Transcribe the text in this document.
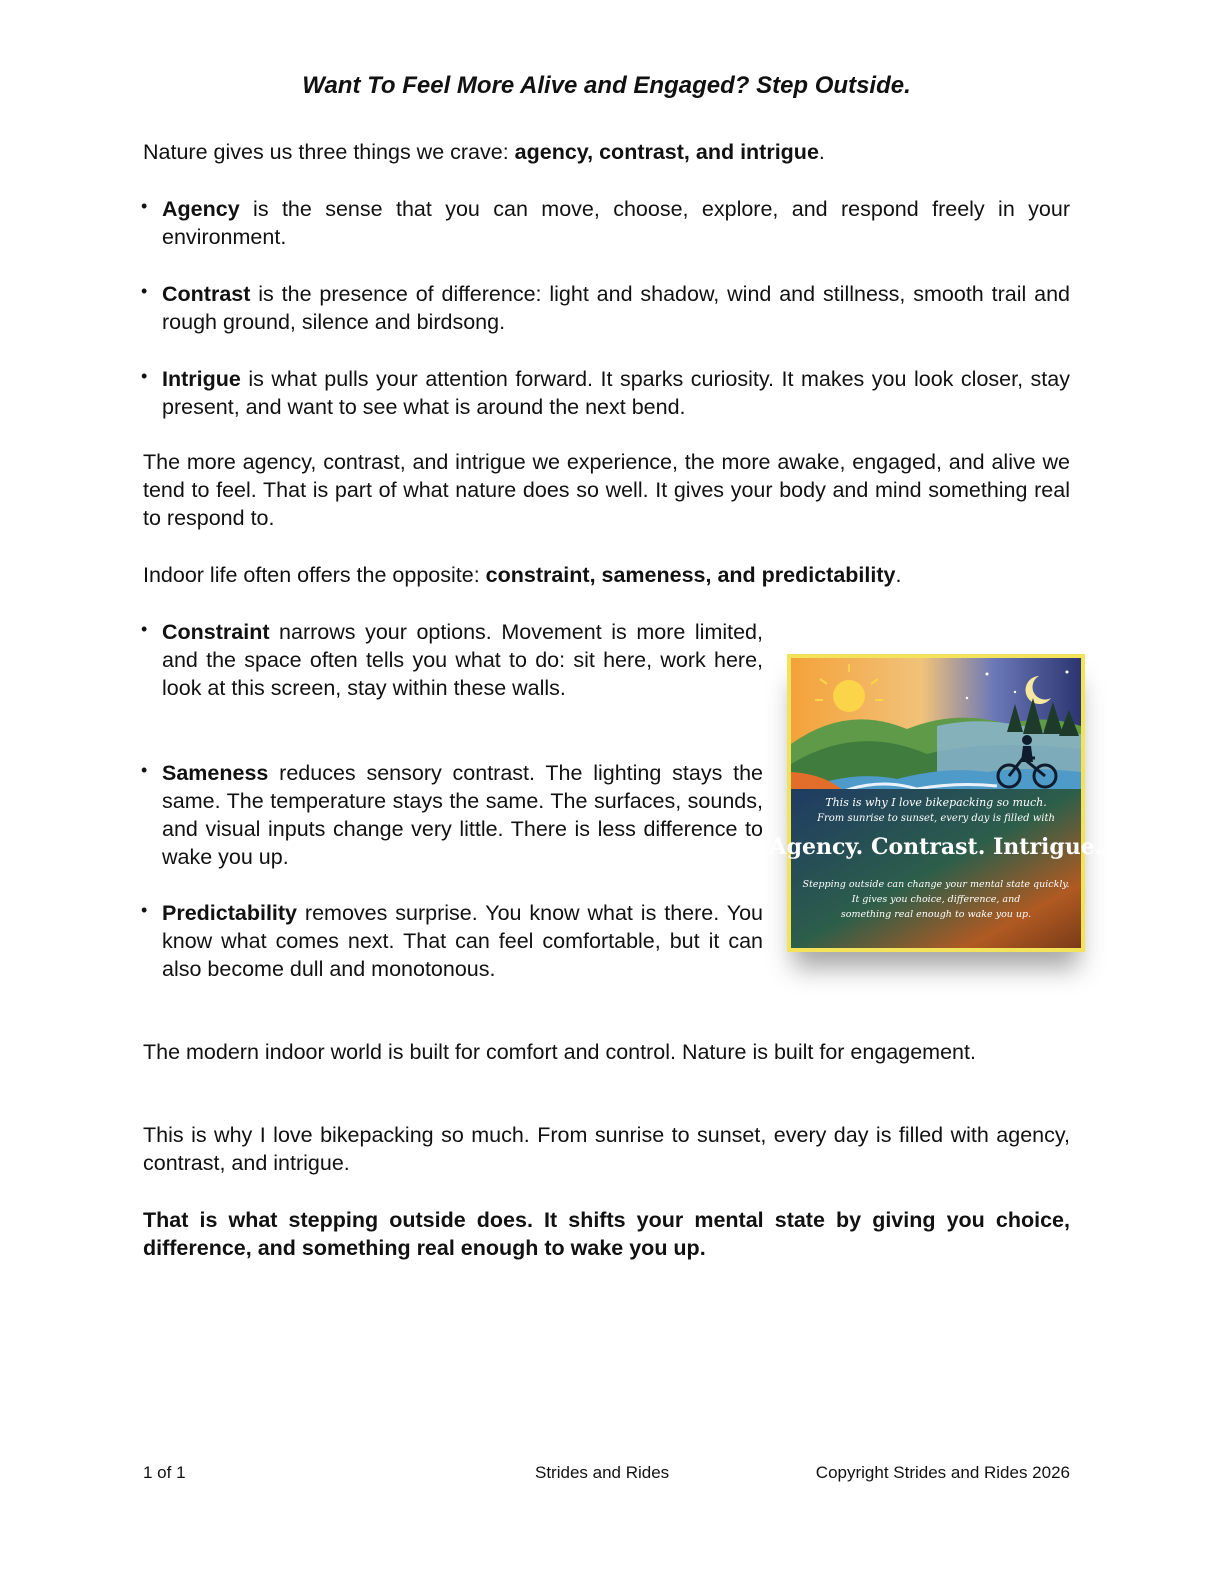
Want To Feel More Alive and Engaged? Step Outside.

Nature gives us three things we crave: agency, contrast, and intrigue.

• Agency is the sense that you can move, choose, explore, and respond freely in your environment.
• Contrast is the presence of difference: light and shadow, wind and stillness, smooth trail and rough ground, silence and birdsong.
• Intrigue is what pulls your attention forward. It sparks curiosity. It makes you look closer, stay present, and want to see what is around the next bend.

The more agency, contrast, and intrigue we experience, the more awake, engaged, and alive we tend to feel. That is part of what nature does so well. It gives your body and mind something real to respond to.

Indoor life often offers the opposite: constraint, sameness, and predictability.

• Constraint narrows your options. Movement is more limited, and the space often tells you what to do: sit here, work here, look at this screen, stay within these walls.
• Sameness reduces sensory contrast. The lighting stays the same. The temperature stays the same. The surfaces, sounds, and visual inputs change very little. There is less difference to wake you up.
• Predictability removes surprise. You know what is there. You know what comes next. That can feel comfortable, but it can also become dull and monotonous.

The modern indoor world is built for comfort and control. Nature is built for engagement.

This is why I love bikepacking so much. From sunrise to sunset, every day is filled with agency, contrast, and intrigue.

That is what stepping outside does. It shifts your mental state by giving you choice, difference, and something real enough to wake you up.

This is why I love bikepacking so much.
From sunrise to sunset, every day is filled with
Agency. Contrast. Intrigue.
Stepping outside can change your mental state quickly.
It gives you choice, difference, and
something real enough to wake you up.
1 of 1	Strides and Rides	Copyright Strides and Rides 2026
